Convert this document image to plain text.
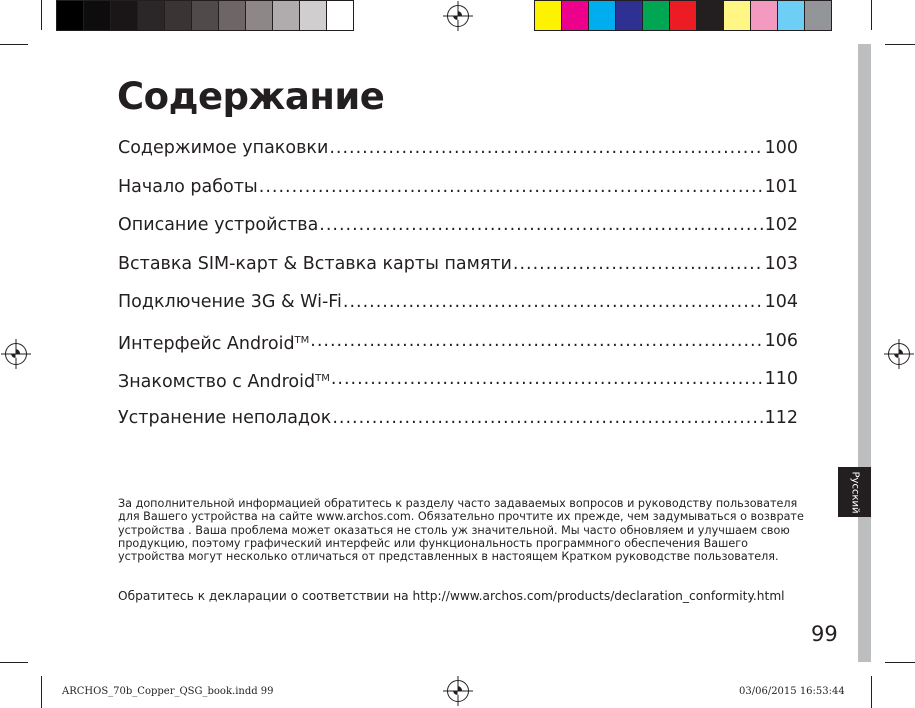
Русский
Содержание
Содержимое упаковки .....	100
Начало работы .....	101
Описание устройства .....	102
Вставка SIM-карт & Вставка карты памяти .....	103
Подключение 3G & Wi-Fi .....	104
Интерфейс Android™ .....	106
Знакомство с Android™ .....	110
Устранение неполадок .....	112

За дополнительной информацией обратитесь к разделу часто задаваемых вопросов и руководству пользователя для Вашего устройства на сайте www.archos.com. Обязательно прочтите их прежде, чем задумываться о возврате устройства . Ваша проблема может оказаться не столь уж значительной. Мы часто обновляем и улучшаем свою продукцию, поэтому графический интерфейс или функциональность программного обеспечения Вашего устройства могут несколько отличаться от представленных в настоящем Кратком руководстве пользователя.

Обратитесь к декларации о соответствии на http://www.archos.com/products/declaration_conformity.html

99

ARCHOS_70b_Copper_QSG_book.indd 99	03/06/2015 16:53:44
